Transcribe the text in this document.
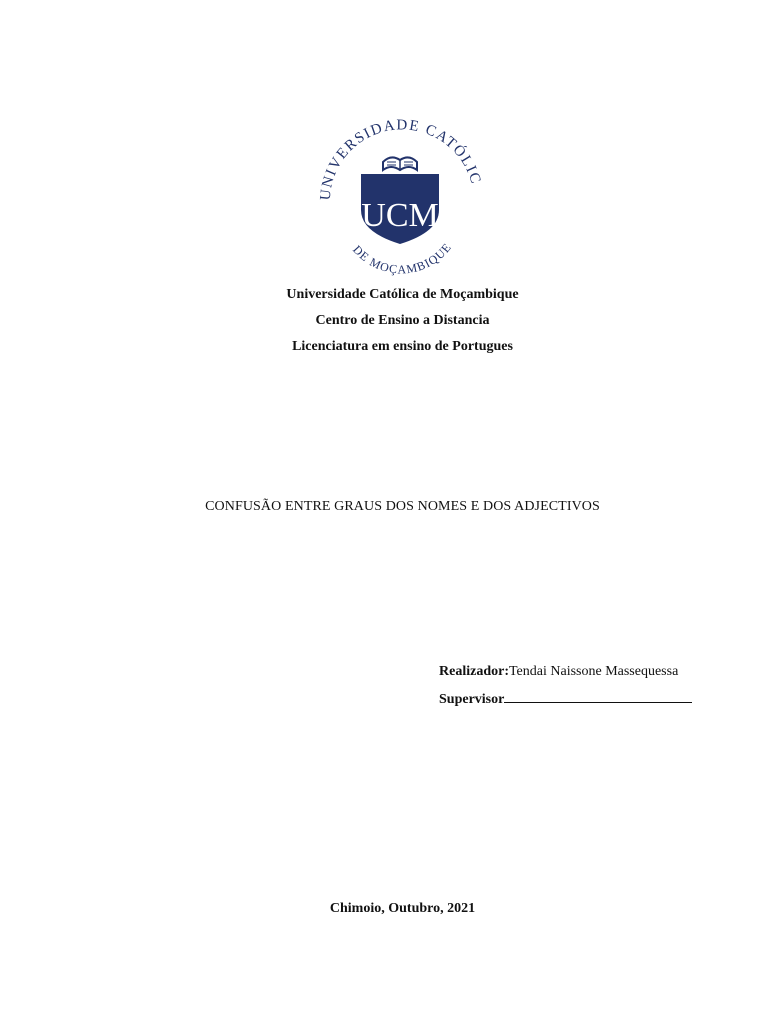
UNIVERSIDADE CATÓLIC
DE MOÇAMBIQUE
UCM
Universidade Católica de Moçambique
Centro de Ensino a Distancia
Licenciatura em ensino de Portugues
CONFUSÃO ENTRE GRAUS DOS NOMES E DOS ADJECTIVOS
Realizador:Tendai Naissone Massequessa
Supervisor
Chimoio, Outubro, 2021
